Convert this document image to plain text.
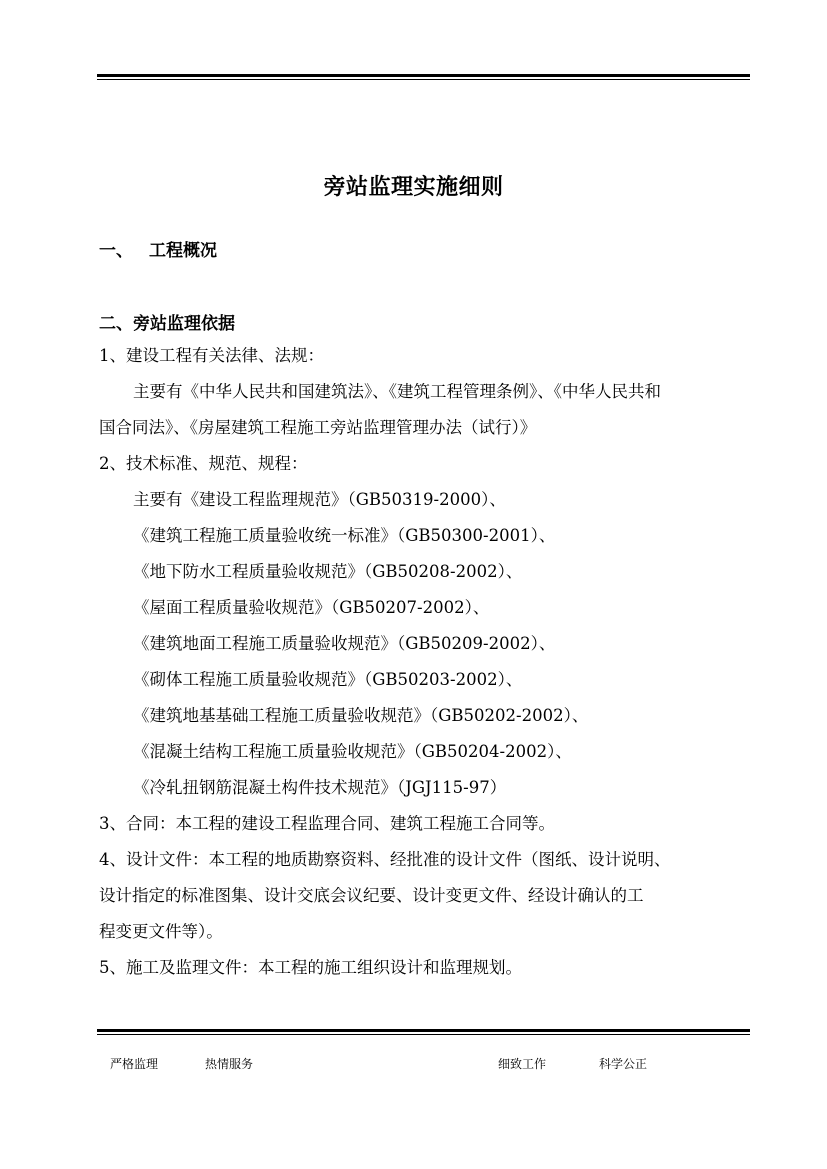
旁站监理实施细则
一、 工程概况
二、旁站监理依据
1、建设工程有关法律、法规：
主要有《中华人民共和国建筑法》、《建筑工程管理条例》、《中华人民共和
国合同法》、《房屋建筑工程施工旁站监理管理办法（试行）》
2、技术标准、规范、规程：
主要有《建设工程监理规范》（GB50319-2000）、
《建筑工程施工质量验收统一标准》（GB50300-2001）、
《地下防水工程质量验收规范》（GB50208-2002）、
《屋面工程质量验收规范》（GB50207-2002）、
《建筑地面工程施工质量验收规范》（GB50209-2002）、
《砌体工程施工质量验收规范》（GB50203-2002）、
《建筑地基基础工程施工质量验收规范》（GB50202-2002）、
《混凝土结构工程施工质量验收规范》（GB50204-2002）、
《冷轧扭钢筋混凝土构件技术规范》（JGJ115-97）
3、合同：本工程的建设工程监理合同、建筑工程施工合同等。
4、设计文件：本工程的地质勘察资料、经批准的设计文件（图纸、设计说明、
设计指定的标准图集、设计交底会议纪要、设计变更文件、经设计确认的工
程变更文件等）。
5、施工及监理文件：本工程的施工组织设计和监理规划。
严格监理	热情服务	细致工作	科学公正
